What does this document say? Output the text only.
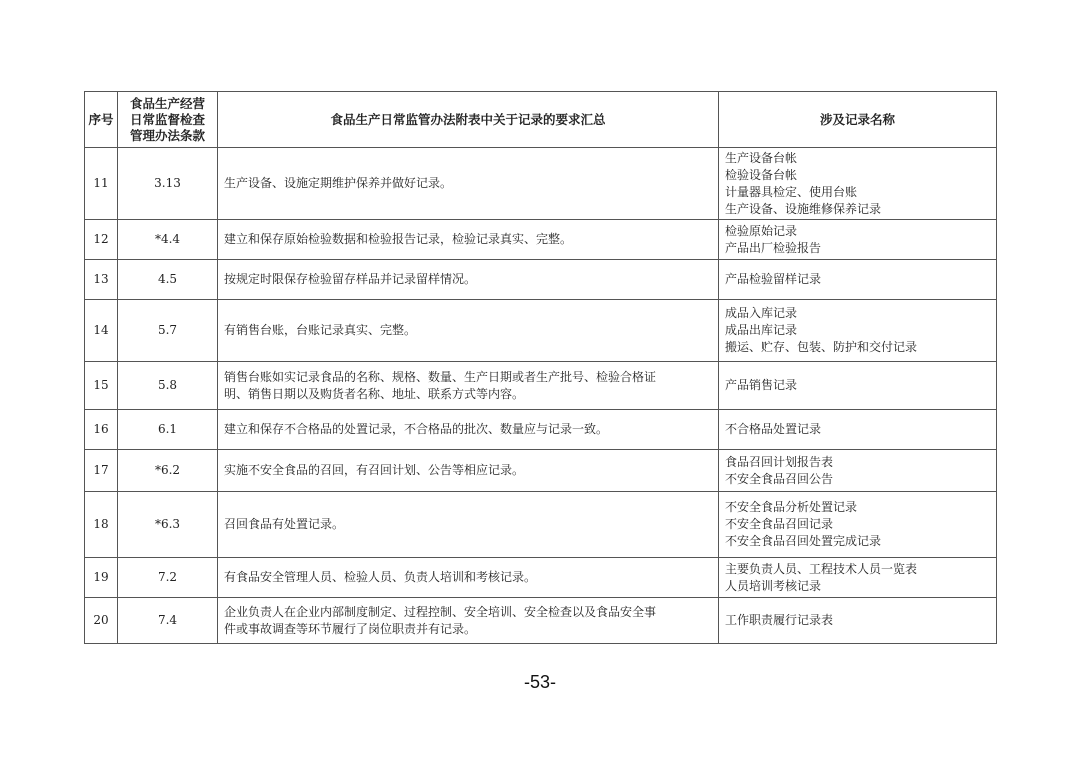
序号	食品生产经营日常监督检查管理办法条款	食品生产日常监管办法附表中关于记录的要求汇总	涉及记录名称
11	3.13	生产设备、设施定期维护保养并做好记录。	生产设备台帐
检验设备台帐
计量器具检定、使用台账
生产设备、设施维修保养记录

12	*4.4	建立和保存原始检验数据和检验报告记录，检验记录真实、完整。	检验原始记录
产品出厂检验报告

13	4.5	按规定时限保存检验留存样品并记录留样情况。	产品检验留样记录

14	5.7	有销售台账，台账记录真实、完整。	成品入库记录
成品出库记录
搬运、贮存、包装、防护和交付记录

15	5.8	销售台账如实记录食品的名称、规格、数量、生产日期或者生产批号、检验合格证
明、销售日期以及购货者名称、地址、联系方式等内容。	产品销售记录

16	6.1	建立和保存不合格品的处置记录，不合格品的批次、数量应与记录一致。	不合格品处置记录

17	*6.2	实施不安全食品的召回，有召回计划、公告等相应记录。	食品召回计划报告表
不安全食品召回公告

18	*6.3	召回食品有处置记录。	不安全食品分析处置记录
不安全食品召回记录
不安全食品召回处置完成记录

19	7.2	有食品安全管理人员、检验人员、负责人培训和考核记录。	主要负责人员、工程技术人员一览表
人员培训考核记录

20	7.4	企业负责人在企业内部制度制定、过程控制、安全培训、安全检查以及食品安全事
件或事故调查等环节履行了岗位职责并有记录。	工作职责履行记录表
-53-
